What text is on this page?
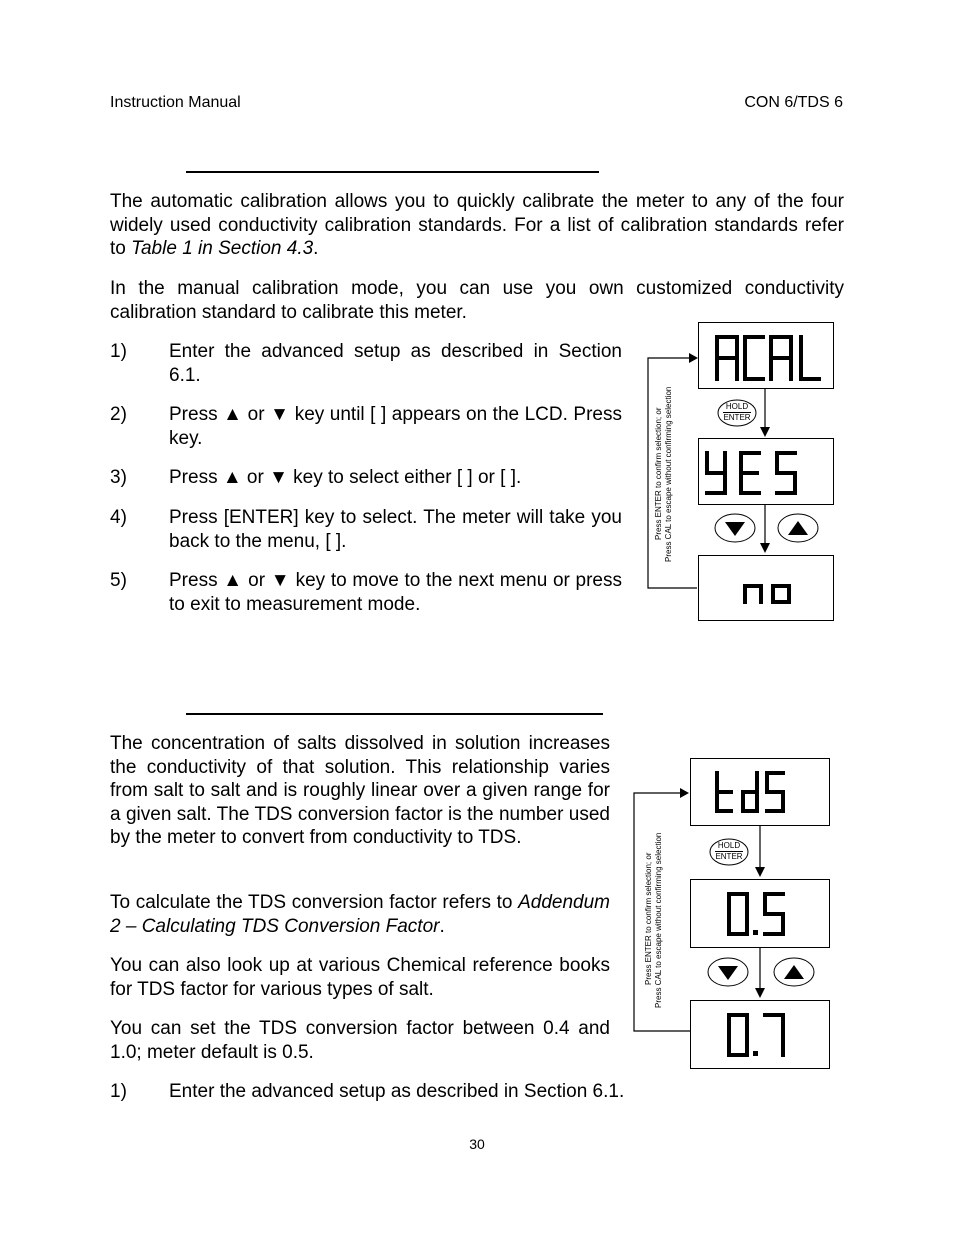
Instruction Manual	CON 6/TDS 6
The automatic calibration allows you to quickly calibrate the meter to any of the four widely used conductivity calibration standards. For a list of calibration standards refer to Table 1 in Section 4.3.
In the manual calibration mode, you can use you own customized conductivity calibration standard to calibrate this meter.
1) Enter the advanced setup as described in Section 6.1.
2) Press ▲ or ▼ key until [ ] appears on the LCD. Press key.
3) Press ▲ or ▼ key to select either [ ] or [ ].
4) Press [ENTER] key to select. The meter will take you back to the menu, [ ].
5) Press ▲ or ▼ key to move to the next menu or press to exit to measurement mode.
Press ENTER to confirm selection; or Press CAL to escape without confirming selection	HOLD
ENTER
The concentration of salts dissolved in solution increases the conductivity of that solution. This relationship varies from salt to salt and is roughly linear over a given range for a given salt. The TDS conversion factor is the number used by the meter to convert from conductivity to TDS.
To calculate the TDS conversion factor refers to Addendum 2 – Calculating TDS Conversion Factor.
You can also look up at various Chemical reference books for TDS factor for various types of salt.
You can set the TDS conversion factor between 0.4 and 1.0; meter default is 0.5.
1) Enter the advanced setup as described in Section 6.1.
Press ENTER to confirm selection; or Press CAL to escape without confirming selection	HOLD
ENTER
30
